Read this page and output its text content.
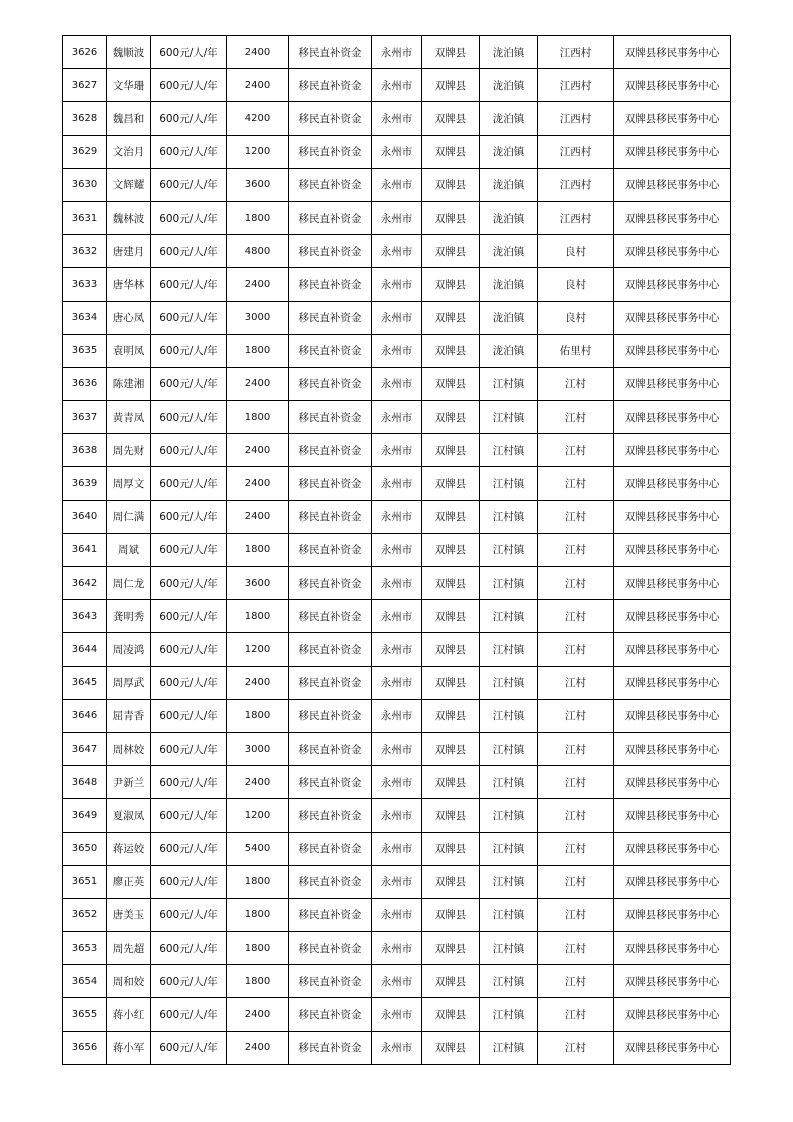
3626	魏顺波	600元/人/年	2400	移民直补资金	永州市	双牌县	泷泊镇	江西村	双牌县移民事务中心
3627	文华珊	600元/人/年	2400	移民直补资金	永州市	双牌县	泷泊镇	江西村	双牌县移民事务中心
3628	魏昌和	600元/人/年	4200	移民直补资金	永州市	双牌县	泷泊镇	江西村	双牌县移民事务中心
3629	文治月	600元/人/年	1200	移民直补资金	永州市	双牌县	泷泊镇	江西村	双牌县移民事务中心
3630	文辉耀	600元/人/年	3600	移民直补资金	永州市	双牌县	泷泊镇	江西村	双牌县移民事务中心
3631	魏林波	600元/人/年	1800	移民直补资金	永州市	双牌县	泷泊镇	江西村	双牌县移民事务中心
3632	唐建月	600元/人/年	4800	移民直补资金	永州市	双牌县	泷泊镇	良村	双牌县移民事务中心
3633	唐华林	600元/人/年	2400	移民直补资金	永州市	双牌县	泷泊镇	良村	双牌县移民事务中心
3634	唐心凤	600元/人/年	3000	移民直补资金	永州市	双牌县	泷泊镇	良村	双牌县移民事务中心
3635	袁明凤	600元/人/年	1800	移民直补资金	永州市	双牌县	泷泊镇	佑里村	双牌县移民事务中心
3636	陈建湘	600元/人/年	2400	移民直补资金	永州市	双牌县	江村镇	江村	双牌县移民事务中心
3637	黄青凤	600元/人/年	1800	移民直补资金	永州市	双牌县	江村镇	江村	双牌县移民事务中心
3638	周先财	600元/人/年	2400	移民直补资金	永州市	双牌县	江村镇	江村	双牌县移民事务中心
3639	周厚文	600元/人/年	2400	移民直补资金	永州市	双牌县	江村镇	江村	双牌县移民事务中心
3640	周仁满	600元/人/年	2400	移民直补资金	永州市	双牌县	江村镇	江村	双牌县移民事务中心
3641	周斌	600元/人/年	1800	移民直补资金	永州市	双牌县	江村镇	江村	双牌县移民事务中心
3642	周仁龙	600元/人/年	3600	移民直补资金	永州市	双牌县	江村镇	江村	双牌县移民事务中心
3643	龚明秀	600元/人/年	1800	移民直补资金	永州市	双牌县	江村镇	江村	双牌县移民事务中心
3644	周凌鸿	600元/人/年	1200	移民直补资金	永州市	双牌县	江村镇	江村	双牌县移民事务中心
3645	周厚武	600元/人/年	2400	移民直补资金	永州市	双牌县	江村镇	江村	双牌县移民事务中心
3646	屈青香	600元/人/年	1800	移民直补资金	永州市	双牌县	江村镇	江村	双牌县移民事务中心
3647	周林姣	600元/人/年	3000	移民直补资金	永州市	双牌县	江村镇	江村	双牌县移民事务中心
3648	尹新兰	600元/人/年	2400	移民直补资金	永州市	双牌县	江村镇	江村	双牌县移民事务中心
3649	夏淑凤	600元/人/年	1200	移民直补资金	永州市	双牌县	江村镇	江村	双牌县移民事务中心
3650	蒋运姣	600元/人/年	5400	移民直补资金	永州市	双牌县	江村镇	江村	双牌县移民事务中心
3651	廖正英	600元/人/年	1800	移民直补资金	永州市	双牌县	江村镇	江村	双牌县移民事务中心
3652	唐美玉	600元/人/年	1800	移民直补资金	永州市	双牌县	江村镇	江村	双牌县移民事务中心
3653	周先超	600元/人/年	1800	移民直补资金	永州市	双牌县	江村镇	江村	双牌县移民事务中心
3654	周和姣	600元/人/年	1800	移民直补资金	永州市	双牌县	江村镇	江村	双牌县移民事务中心
3655	蒋小红	600元/人/年	2400	移民直补资金	永州市	双牌县	江村镇	江村	双牌县移民事务中心
3656	蒋小军	600元/人/年	2400	移民直补资金	永州市	双牌县	江村镇	江村	双牌县移民事务中心
